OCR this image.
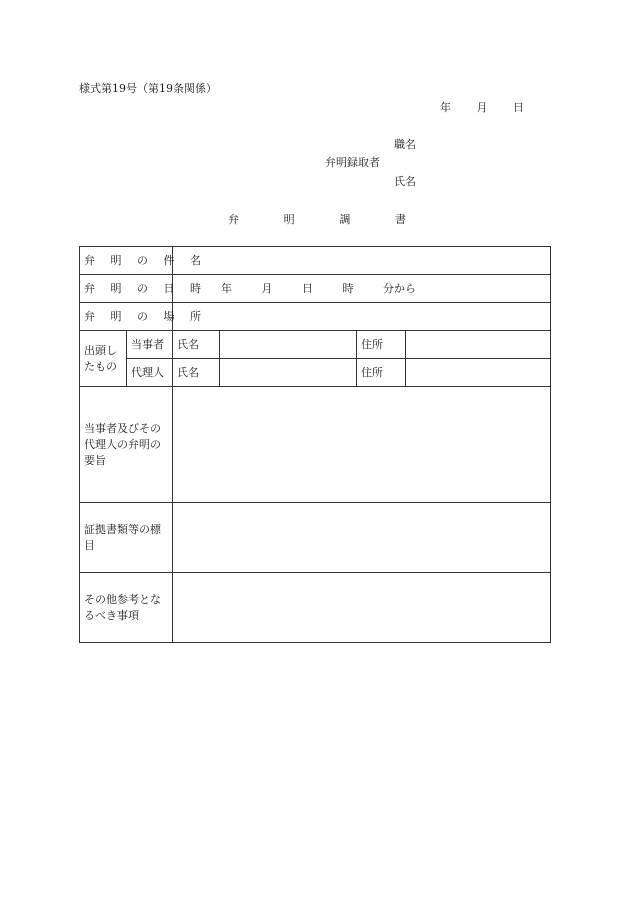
様式第19号（第19条関係）
年 月 日
職名
弁明録取者
氏名
弁	明	調	書
弁 明 の 件 名					
弁 明 の 日 時		年 月 日 時 分から			
弁 明 の 場 所					
出頭したもの	当事者	氏名		住所	
	代理人	氏名		住所	
当事者及びその代理人の弁明の要旨					
証拠書類等の標目					
その他参考となるべき事項					
